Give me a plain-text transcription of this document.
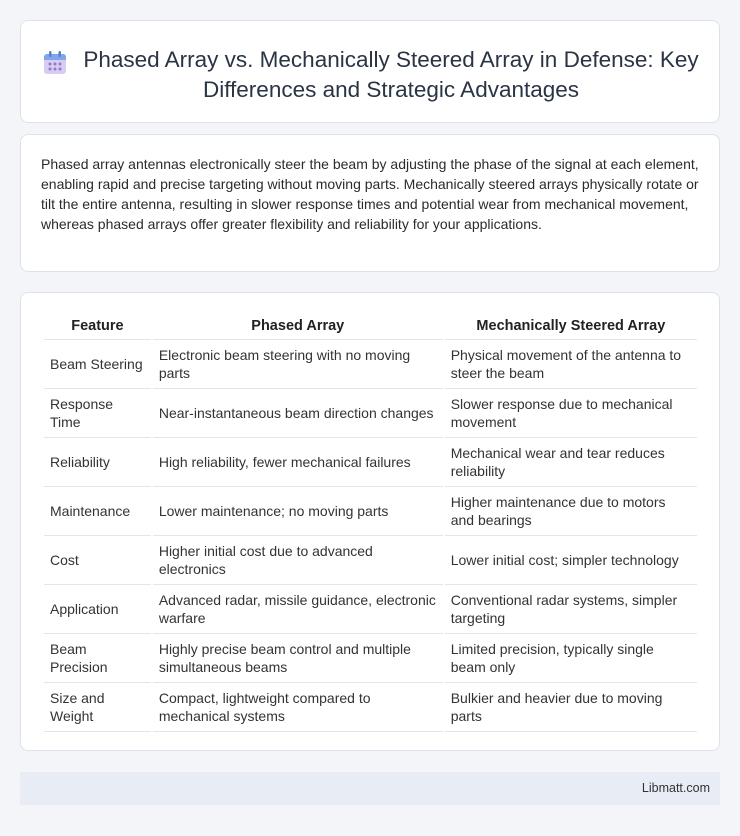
Phased Array vs. Mechanically Steered Array in Defense: Key Differences and Strategic Advantages

Phased array antennas electronically steer the beam by adjusting the phase of the signal at each element, enabling rapid and precise targeting without moving parts. Mechanically steered arrays physically rotate or tilt the entire antenna, resulting in slower response times and potential wear from mechanical movement, whereas phased arrays offer greater flexibility and reliability for your applications.

Feature	Phased Array	Mechanically Steered Array
Beam Steering	Electronic beam steering with no moving parts	Physical movement of the antenna to steer the beam
Response Time	Near-instantaneous beam direction changes	Slower response due to mechanical movement
Reliability	High reliability, fewer mechanical failures	Mechanical wear and tear reduces reliability
Maintenance	Lower maintenance; no moving parts	Higher maintenance due to motors and bearings
Cost	Higher initial cost due to advanced electronics	Lower initial cost; simpler technology
Application	Advanced radar, missile guidance, electronic warfare	Conventional radar systems, simpler targeting
Beam Precision	Highly precise beam control and multiple simultaneous beams	Limited precision, typically single beam only
Size and Weight	Compact, lightweight compared to mechanical systems	Bulkier and heavier due to moving parts
Libmatt.com
